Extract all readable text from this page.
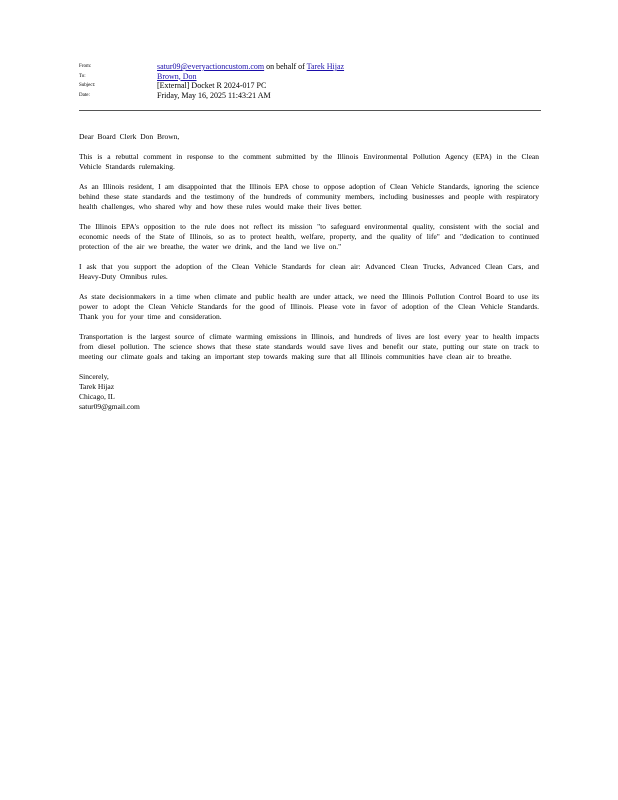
From:	satur09@everyactioncustom.com on behalf of Tarek Hijaz
To:	Brown, Don
Subject:	[External] Docket R 2024-017 PC
Date:	Friday, May 16, 2025 11:43:21 AM

Dear Board Clerk Don Brown,

This is a rebuttal comment in response to the comment submitted by the Illinois Environmental Pollution Agency (EPA) in the Clean Vehicle Standards rulemaking.

As an Illinois resident, I am disappointed that the Illinois EPA chose to oppose adoption of Clean Vehicle Standards, ignoring the science behind these state standards and the testimony of the hundreds of community members, including businesses and people with respiratory health challenges, who shared why and how these rules would make their lives better.

The Illinois EPA's opposition to the rule does not reflect its mission "to safeguard environmental quality, consistent with the social and economic needs of the State of Illinois, so as to protect health, welfare, property, and the quality of life" and "dedication to continued protection of the air we breathe, the water we drink, and the land we live on."

I ask that you support the adoption of the Clean Vehicle Standards for clean air: Advanced Clean Trucks, Advanced Clean Cars, and Heavy-Duty Omnibus rules.

As state decisionmakers in a time when climate and public health are under attack, we need the Illinois Pollution Control Board to use its power to adopt the Clean Vehicle Standards for the good of Illinois. Please vote in favor of adoption of the Clean Vehicle Standards. Thank you for your time and consideration.

Transportation is the largest source of climate warming emissions in Illinois, and hundreds of lives are lost every year to health impacts from diesel pollution. The science shows that these state standards would save lives and benefit our state, putting our state on track to meeting our climate goals and taking an important step towards making sure that all Illinois communities have clean air to breathe.

Sincerely,
Tarek Hijaz
Chicago, IL
satur09@gmail.com
